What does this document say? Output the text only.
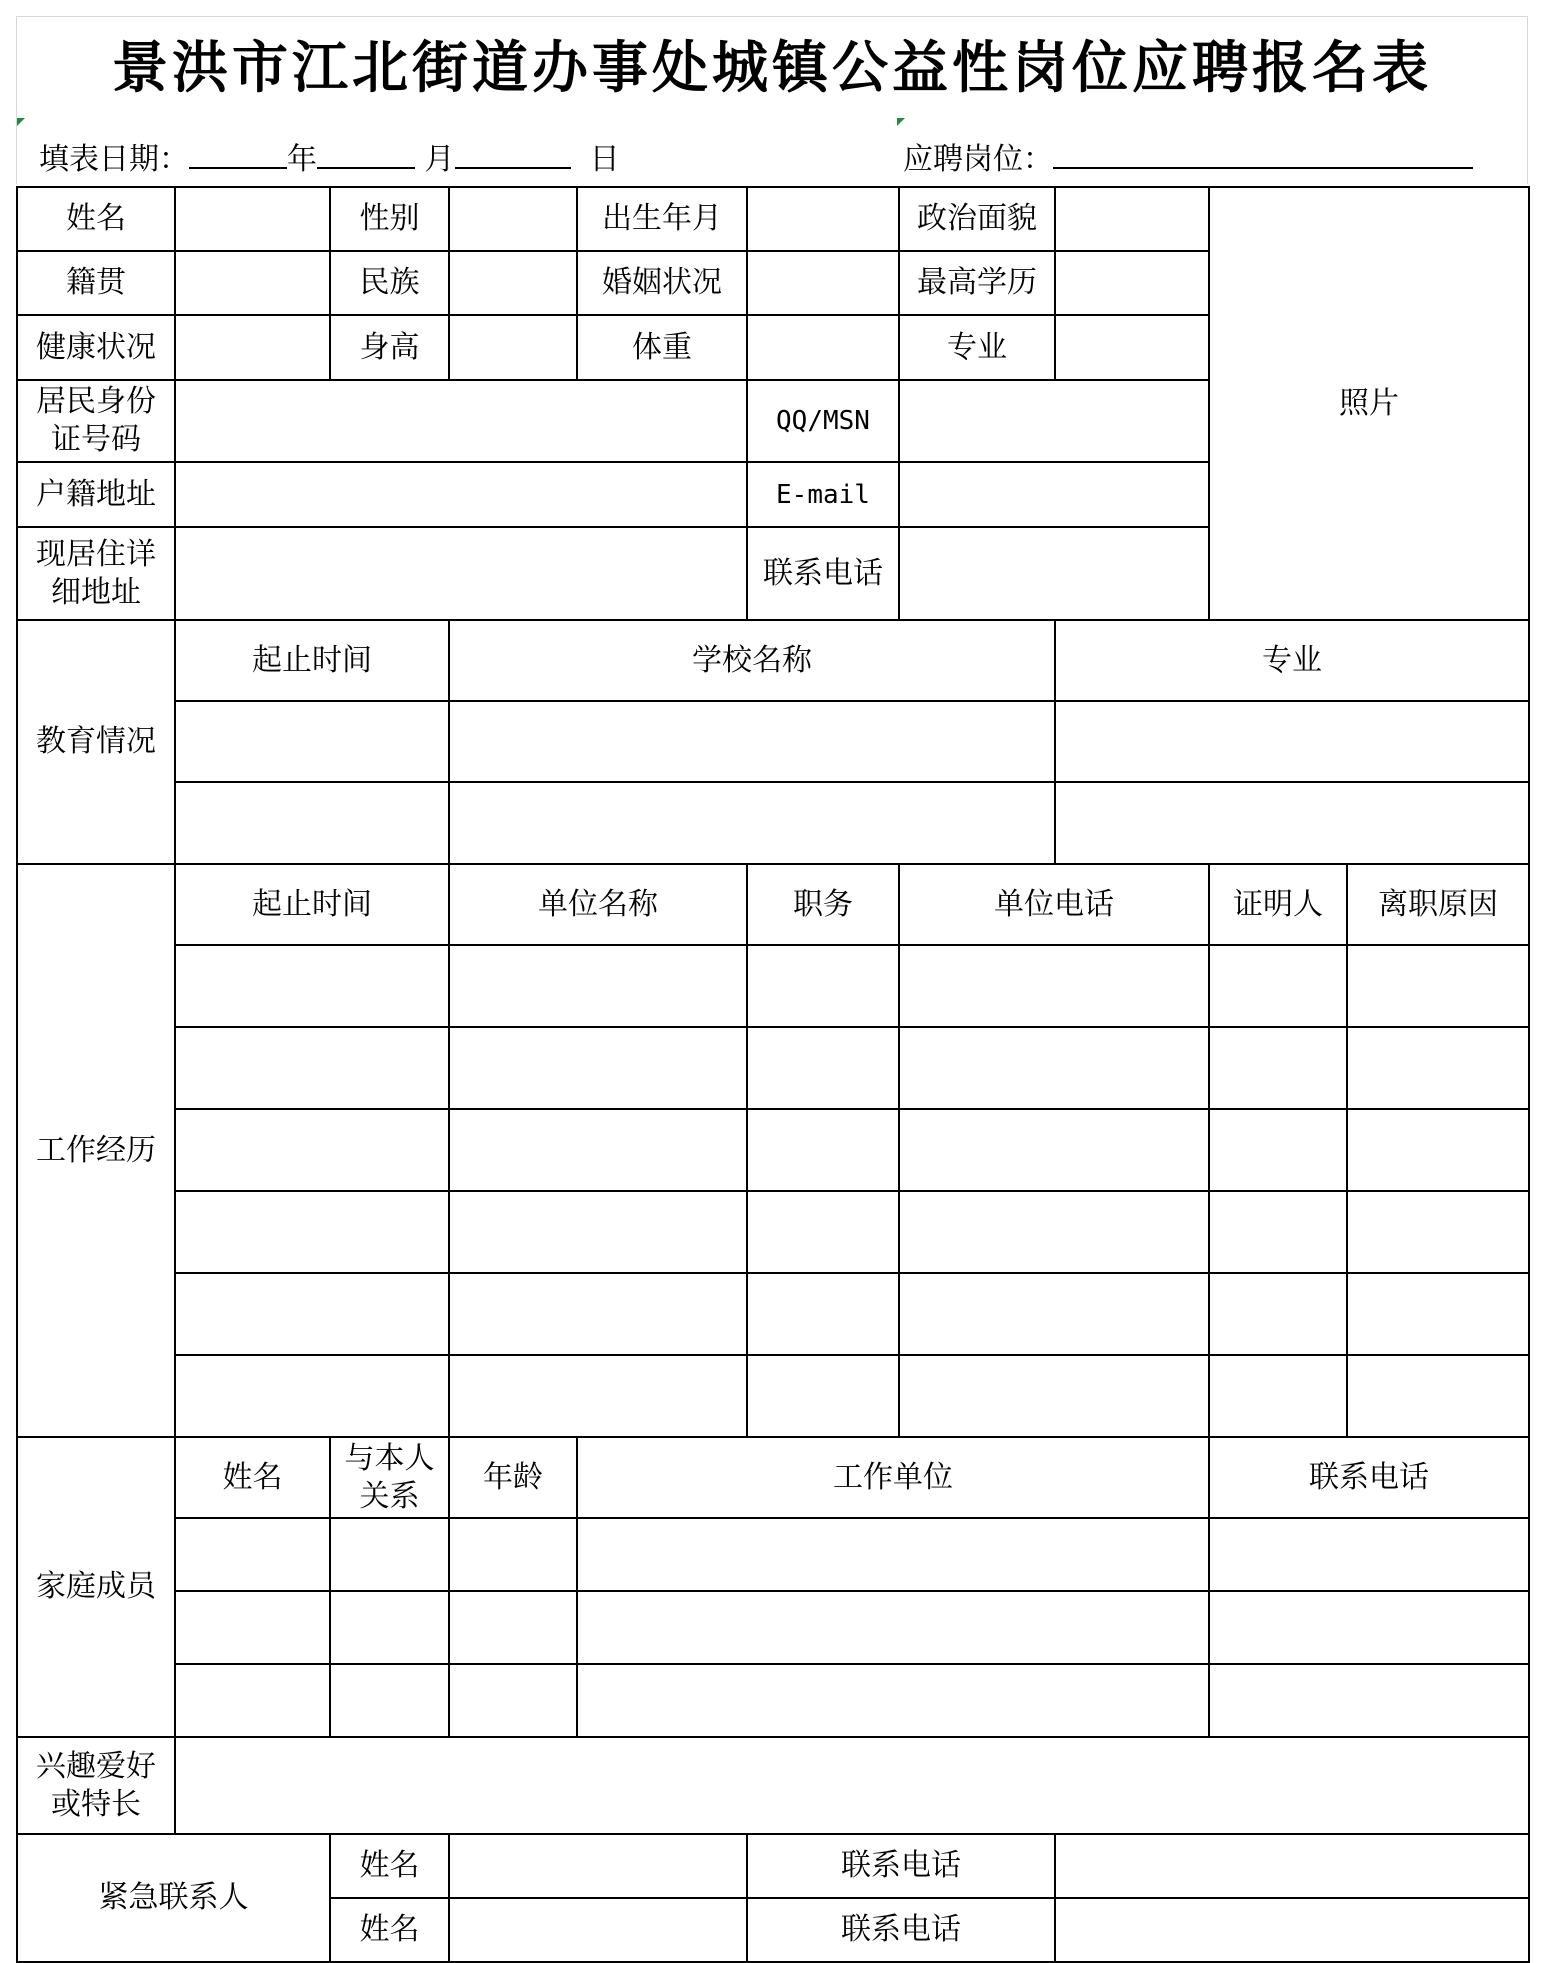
景洪市江北街道办事处城镇公益性岗位应聘报名表
填表日期：	年	月	日	应聘岗位：
姓名		性别		出生年月		政治面貌		照片	
籍贯		民族		婚姻状况		最高学历			
健康状况		身高		体重		专业			
居民身份证号码					QQ/MSN				
户籍地址					E-mail				
现居住详细地址					联系电话				
教育情况	起止时间		学校名称				专业		

工作经历	起止时间		单位名称		职务	单位电话		证明人	离职原因

家庭成员	姓名	与本人关系	年龄	工作单位				联系电话	

兴趣爱好或特长									
紧急联系人		姓名			联系电话				
		姓名			联系电话				
